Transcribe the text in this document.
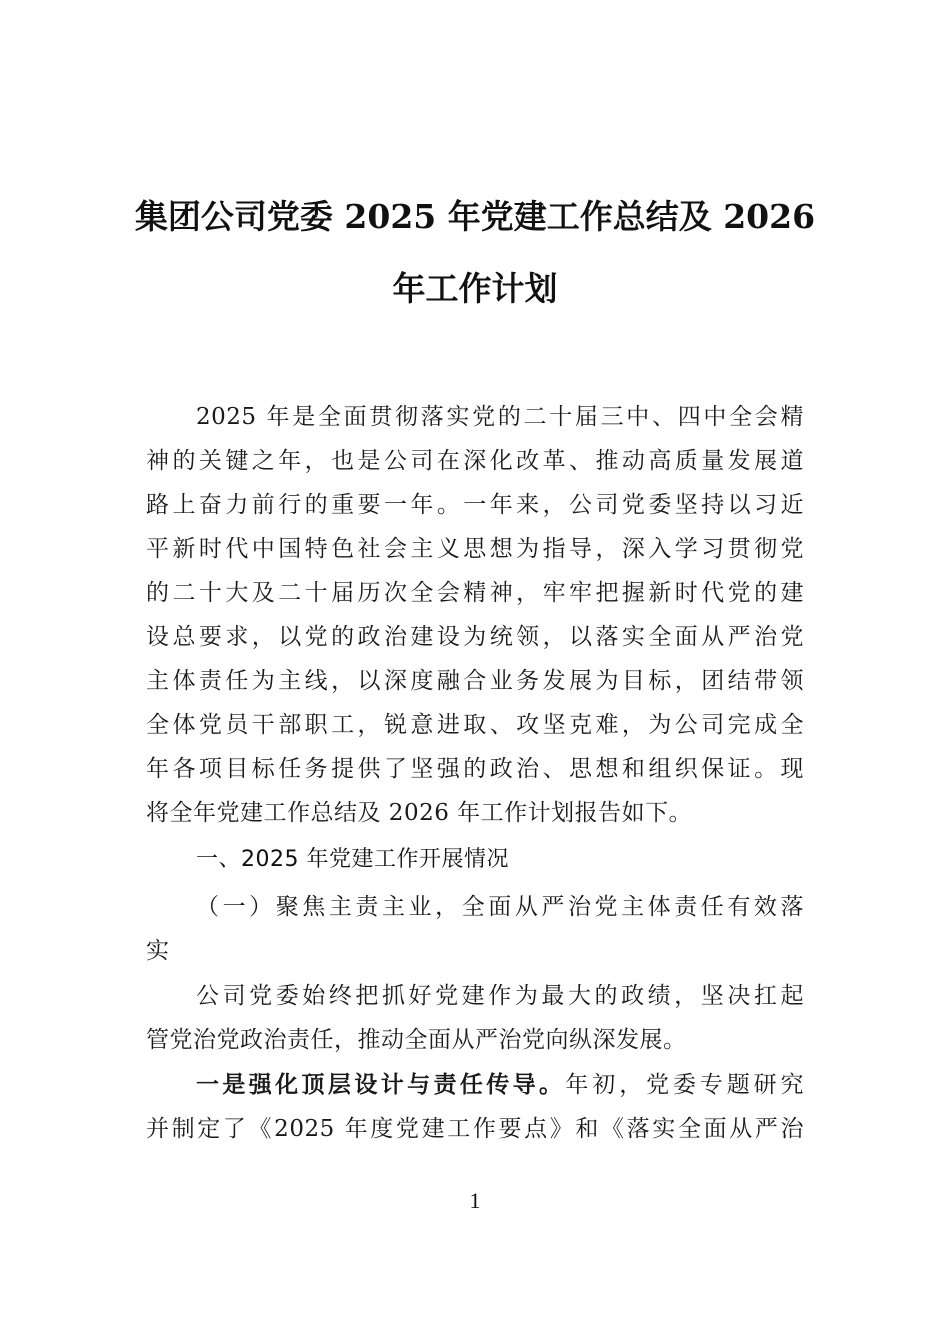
集团公司党委 2025 年党建工作总结及 2026
年工作计划
2025 年是全面贯彻落实党的二十届三中、四中全会精
神的关键之年，也是公司在深化改革、推动高质量发展道
路上奋力前行的重要一年。一年来，公司党委坚持以习近
平新时代中国特色社会主义思想为指导，深入学习贯彻党
的二十大及二十届历次全会精神，牢牢把握新时代党的建
设总要求，以党的政治建设为统领，以落实全面从严治党
主体责任为主线，以深度融合业务发展为目标，团结带领
全体党员干部职工，锐意进取、攻坚克难，为公司完成全
年各项目标任务提供了坚强的政治、思想和组织保证。现
将全年党建工作总结及 2026 年工作计划报告如下。
一、2025 年党建工作开展情况
（一）聚焦主责主业，全面从严治党主体责任有效落
实
公司党委始终把抓好党建作为最大的政绩，坚决扛起
管党治党政治责任，推动全面从严治党向纵深发展。
一是强化顶层设计与责任传导。年初，党委专题研究
并制定了《2025 年度党建工作要点》和《落实全面从严治
1
